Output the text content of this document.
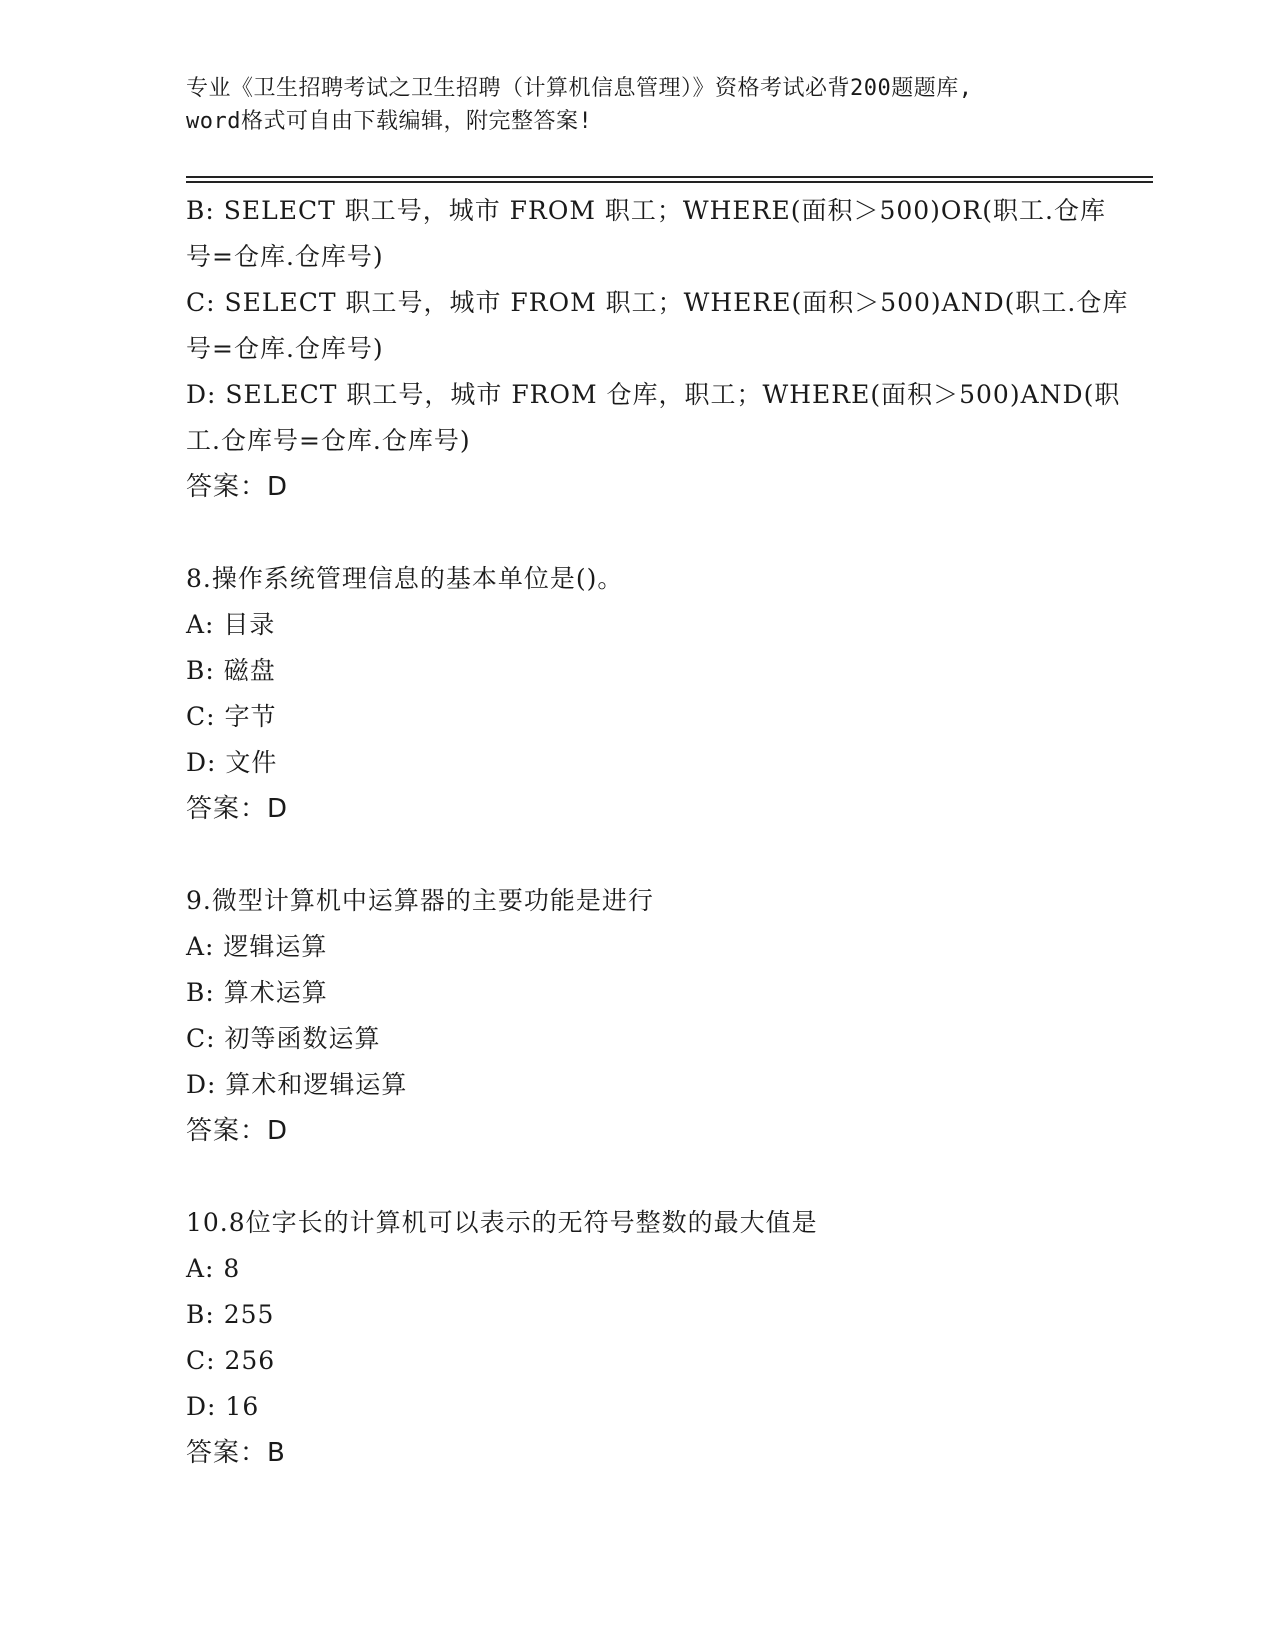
专业《卫生招聘考试之卫生招聘（计算机信息管理）》资格考试必背200题题库,
word格式可自由下载编辑，附完整答案!
B: SELECT 职工号，城市 FROM 职工；WHERE(面积＞500)OR(职工.仓库
号=仓库.仓库号)
C: SELECT 职工号，城市 FROM 职工；WHERE(面积＞500)AND(职工.仓库
号=仓库.仓库号)
D: SELECT 职工号，城市 FROM 仓库，职工；WHERE(面积＞500)AND(职
工.仓库号=仓库.仓库号)
答案：D
8.操作系统管理信息的基本单位是()。
A: 目录
B: 磁盘
C: 字节
D: 文件
答案：D
9.微型计算机中运算器的主要功能是进行
A: 逻辑运算
B: 算术运算
C: 初等函数运算
D: 算术和逻辑运算
答案：D
10.8位字长的计算机可以表示的无符号整数的最大值是
A: 8
B: 255
C: 256
D: 16
答案：B
